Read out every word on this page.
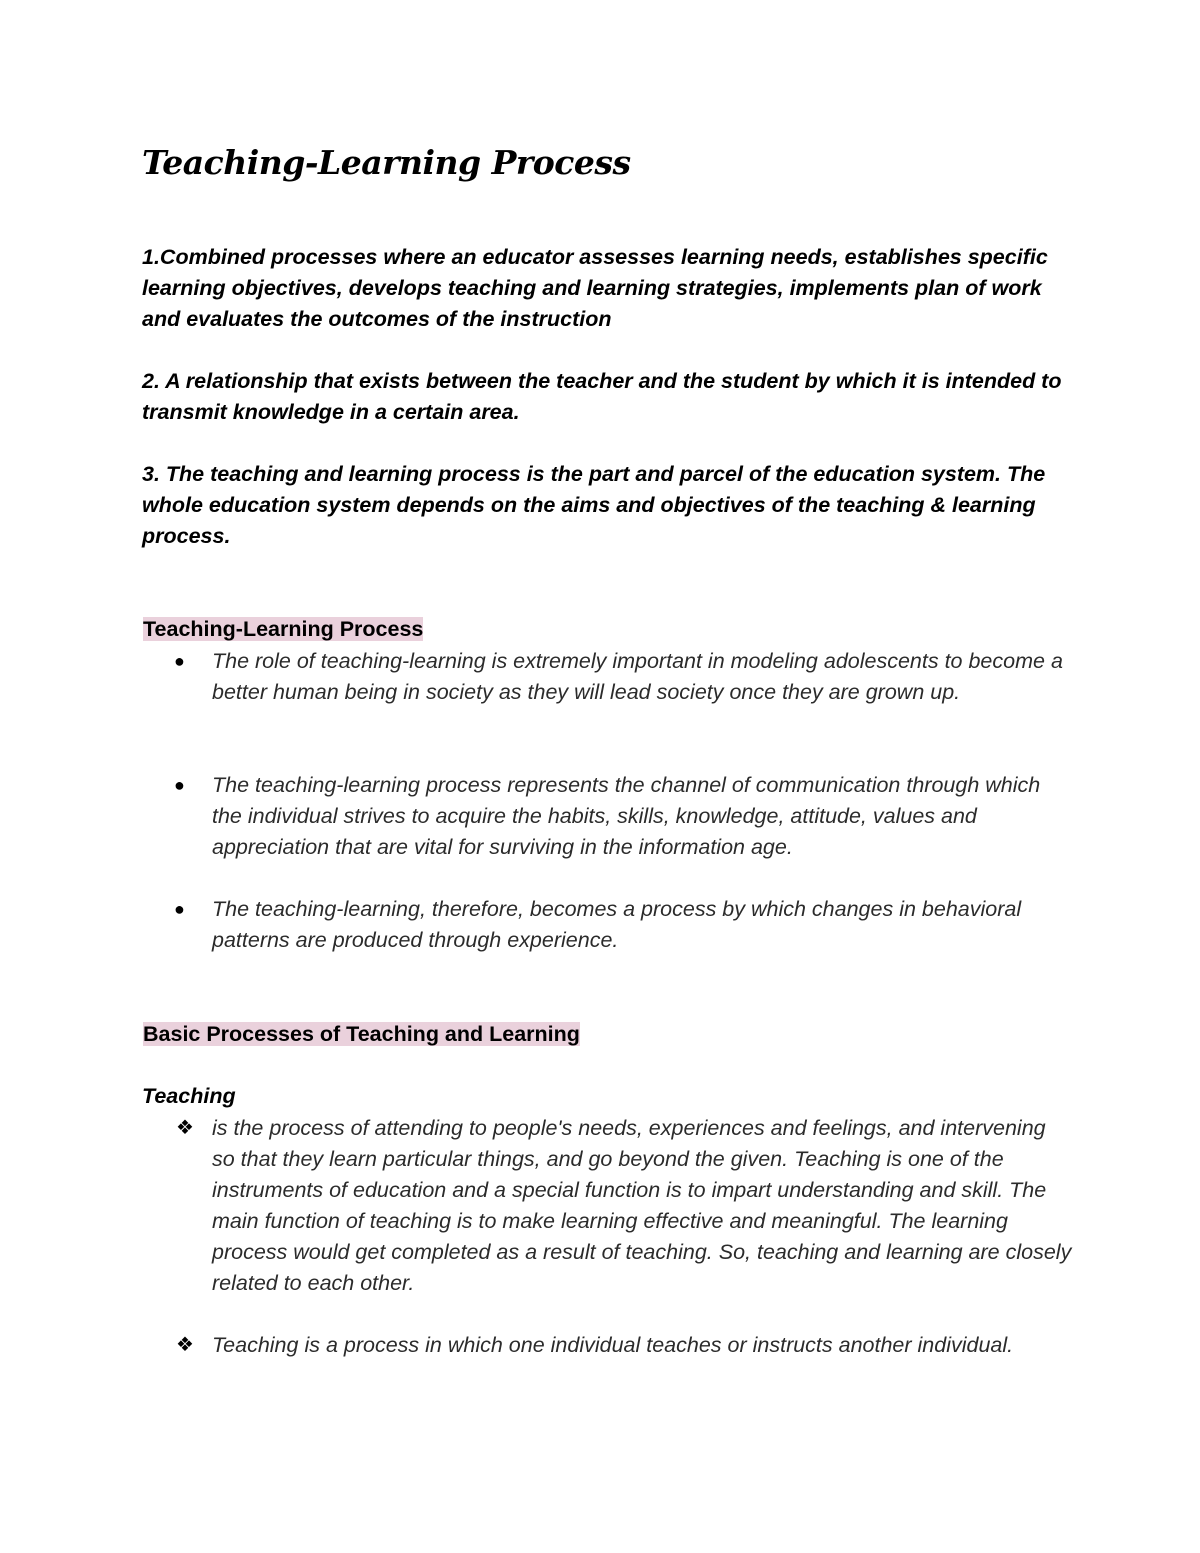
Teaching-Learning Process

1.Combined processes where an educator assesses learning needs, establishes specific learning objectives, develops teaching and learning strategies, implements plan of work and evaluates the outcomes of the instruction

2. A relationship that exists between the teacher and the student by which it is intended to transmit knowledge in a certain area.

3. The teaching and learning process is the part and parcel of the education system. The whole education system depends on the aims and objectives of the teaching & learning process.

Teaching-Learning Process
●	The role of teaching-learning is extremely important in modeling adolescents to become a better human being in society as they will lead society once they are grown up.
●	The teaching-learning process represents the channel of communication through which the individual strives to acquire the habits, skills, knowledge, attitude, values and appreciation that are vital for surviving in the information age.
●	The teaching-learning, therefore, becomes a process by which changes in behavioral patterns are produced through experience.
Basic Processes of Teaching and Learning

Teaching

❖ is the process of attending to people's needs, experiences and feelings, and intervening so that they learn particular things, and go beyond the given. Teaching is one of the instruments of education and a special function is to impart understanding and skill. The main function of teaching is to make learning effective and meaningful. The learning process would get completed as a result of teaching. So, teaching and learning are closely related to each other.
❖ Teaching is a process in which one individual teaches or instructs another individual.
